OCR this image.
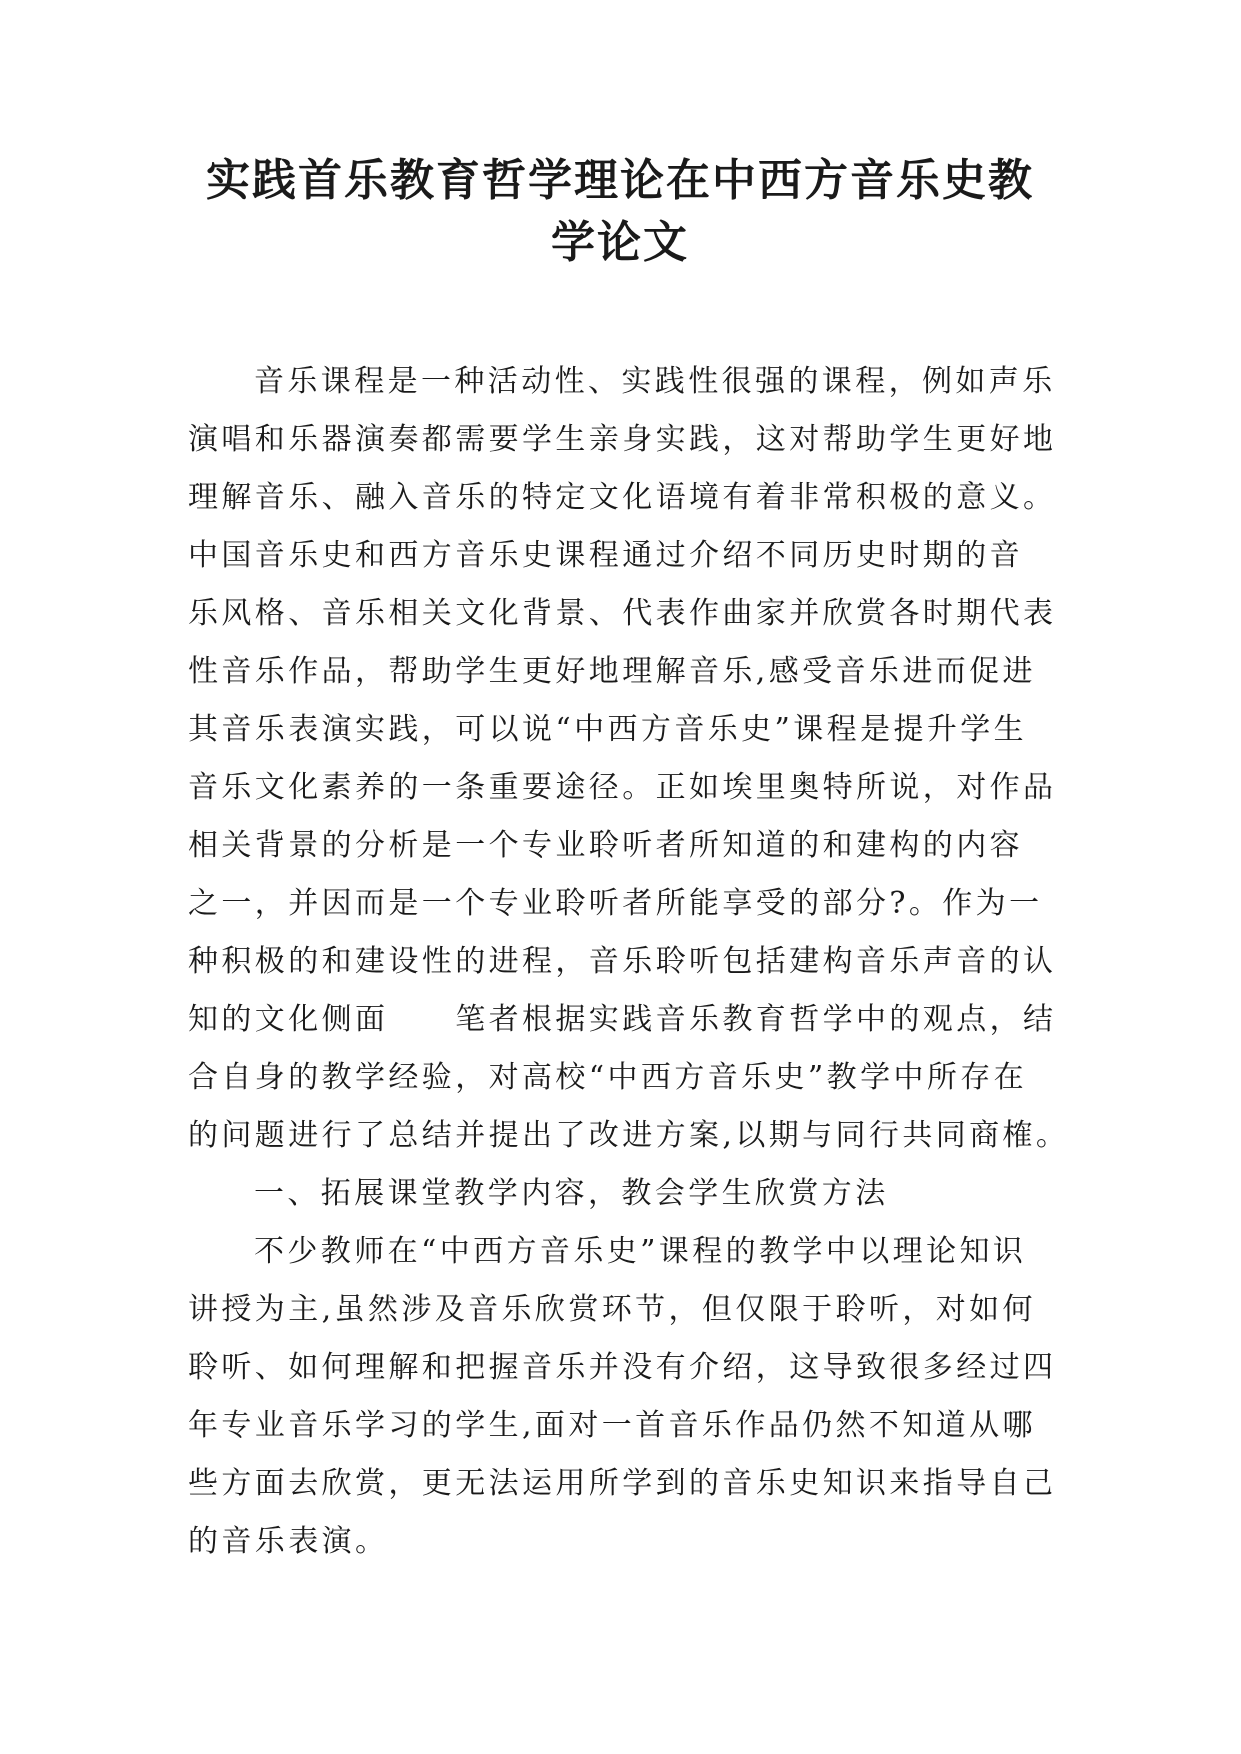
实践首乐教育哲学理论在中西方音乐史教
学论文
音乐课程是一种活动性、实践性很强的课程，例如声乐
演唱和乐器演奏都需要学生亲身实践，这对帮助学生更好地
理解音乐、融入音乐的特定文化语境有着非常积极的意义。
中国音乐史和西方音乐史课程通过介绍不同历史时期的音
乐风格、音乐相关文化背景、代表作曲家并欣赏各时期代表
性音乐作品，帮助学生更好地理解音乐,感受音乐进而促进
其音乐表演实践，可以说“中西方音乐史”课程是提升学生
音乐文化素养的一条重要途径。正如埃里奥特所说，对作品
相关背景的分析是一个专业聆听者所知道的和建构的内容
之一，并因而是一个专业聆听者所能享受的部分?。作为一
种积极的和建设性的进程，音乐聆听包括建构音乐声音的认
知的文化侧面　　笔者根据实践音乐教育哲学中的观点，结
合自身的教学经验，对高校“中西方音乐史”教学中所存在
的问题进行了总结并提出了改进方案,以期与同行共同商榷。
一、拓展课堂教学内容，教会学生欣赏方法
不少教师在“中西方音乐史”课程的教学中以理论知识
讲授为主,虽然涉及音乐欣赏环节，但仅限于聆听，对如何
聆听、如何理解和把握音乐并没有介绍，这导致很多经过四
年专业音乐学习的学生,面对一首音乐作品仍然不知道从哪
些方面去欣赏，更无法运用所学到的音乐史知识来指导自己
的音乐表演。
